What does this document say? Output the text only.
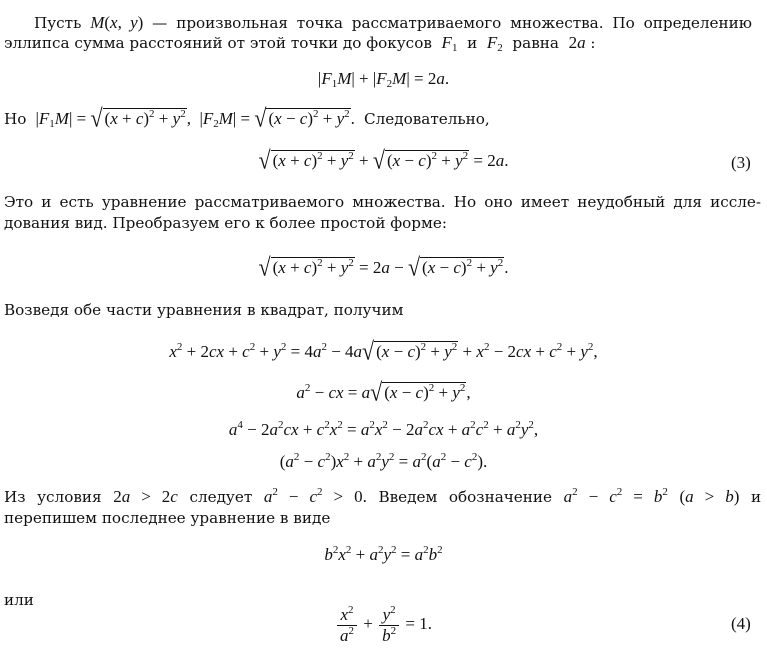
Пусть M(x, y) — произвольная точка рассматриваемого множества. По определению
эллипса сумма расстояний от этой точки до фокусов $F_1$ и $F_2$ равна 2a :
$|F_1M| + |F_2M| = 2a$.
Но  $|F_1M|$ = √ $(x + c)^2 + y^2$,  $|F_2M|$ = √ $(x - c)^2 + y^2$.  Следовательно,
√ $(x + c)^2 + y^2$ + √ $(x - c)^2 + y^2 = 2a$.	(3)
Это и есть уравнение рассматриваемого множества. Но оно имеет неудобный для иссле-
дования вид. Преобразуем его к более простой форме:
√ $(x + c)^2 + y^2 = 2a$ − √ $(x - c)^2 + y^2$.
Возведя обе части уравнения в квадрат, получим
$x^2 + 2cx + c^2 + y^2 = 4a^2 - 4a√$ $(x - c)^2 + y^2 + x^2 - 2cx + c^2 + y^2$,
$a^2$ − cx = a√ $(x - c)^2 + y^2$,
$a^4 - 2a^2cx + c^2x^2 = a^2x^2 - 2a^2cx + a^2c^2 + a^2y^2$,
$(a^2 - c^2)x^2 + a^2y^2 = a^2(a^2 - c^2)$.
Из условия 2a > 2c следует $a^2 - c^2 > 0$. Введем обозначение $a^2 - c^2 = b^2$ (a > b) и
перепишем последнее уравнение в виде
$b^2x^2 + a^2y^2 = a^2b^2$
или
$\frac{x^2}{a^2} + \frac{y^2}{b^2} = 1$.	(4)
